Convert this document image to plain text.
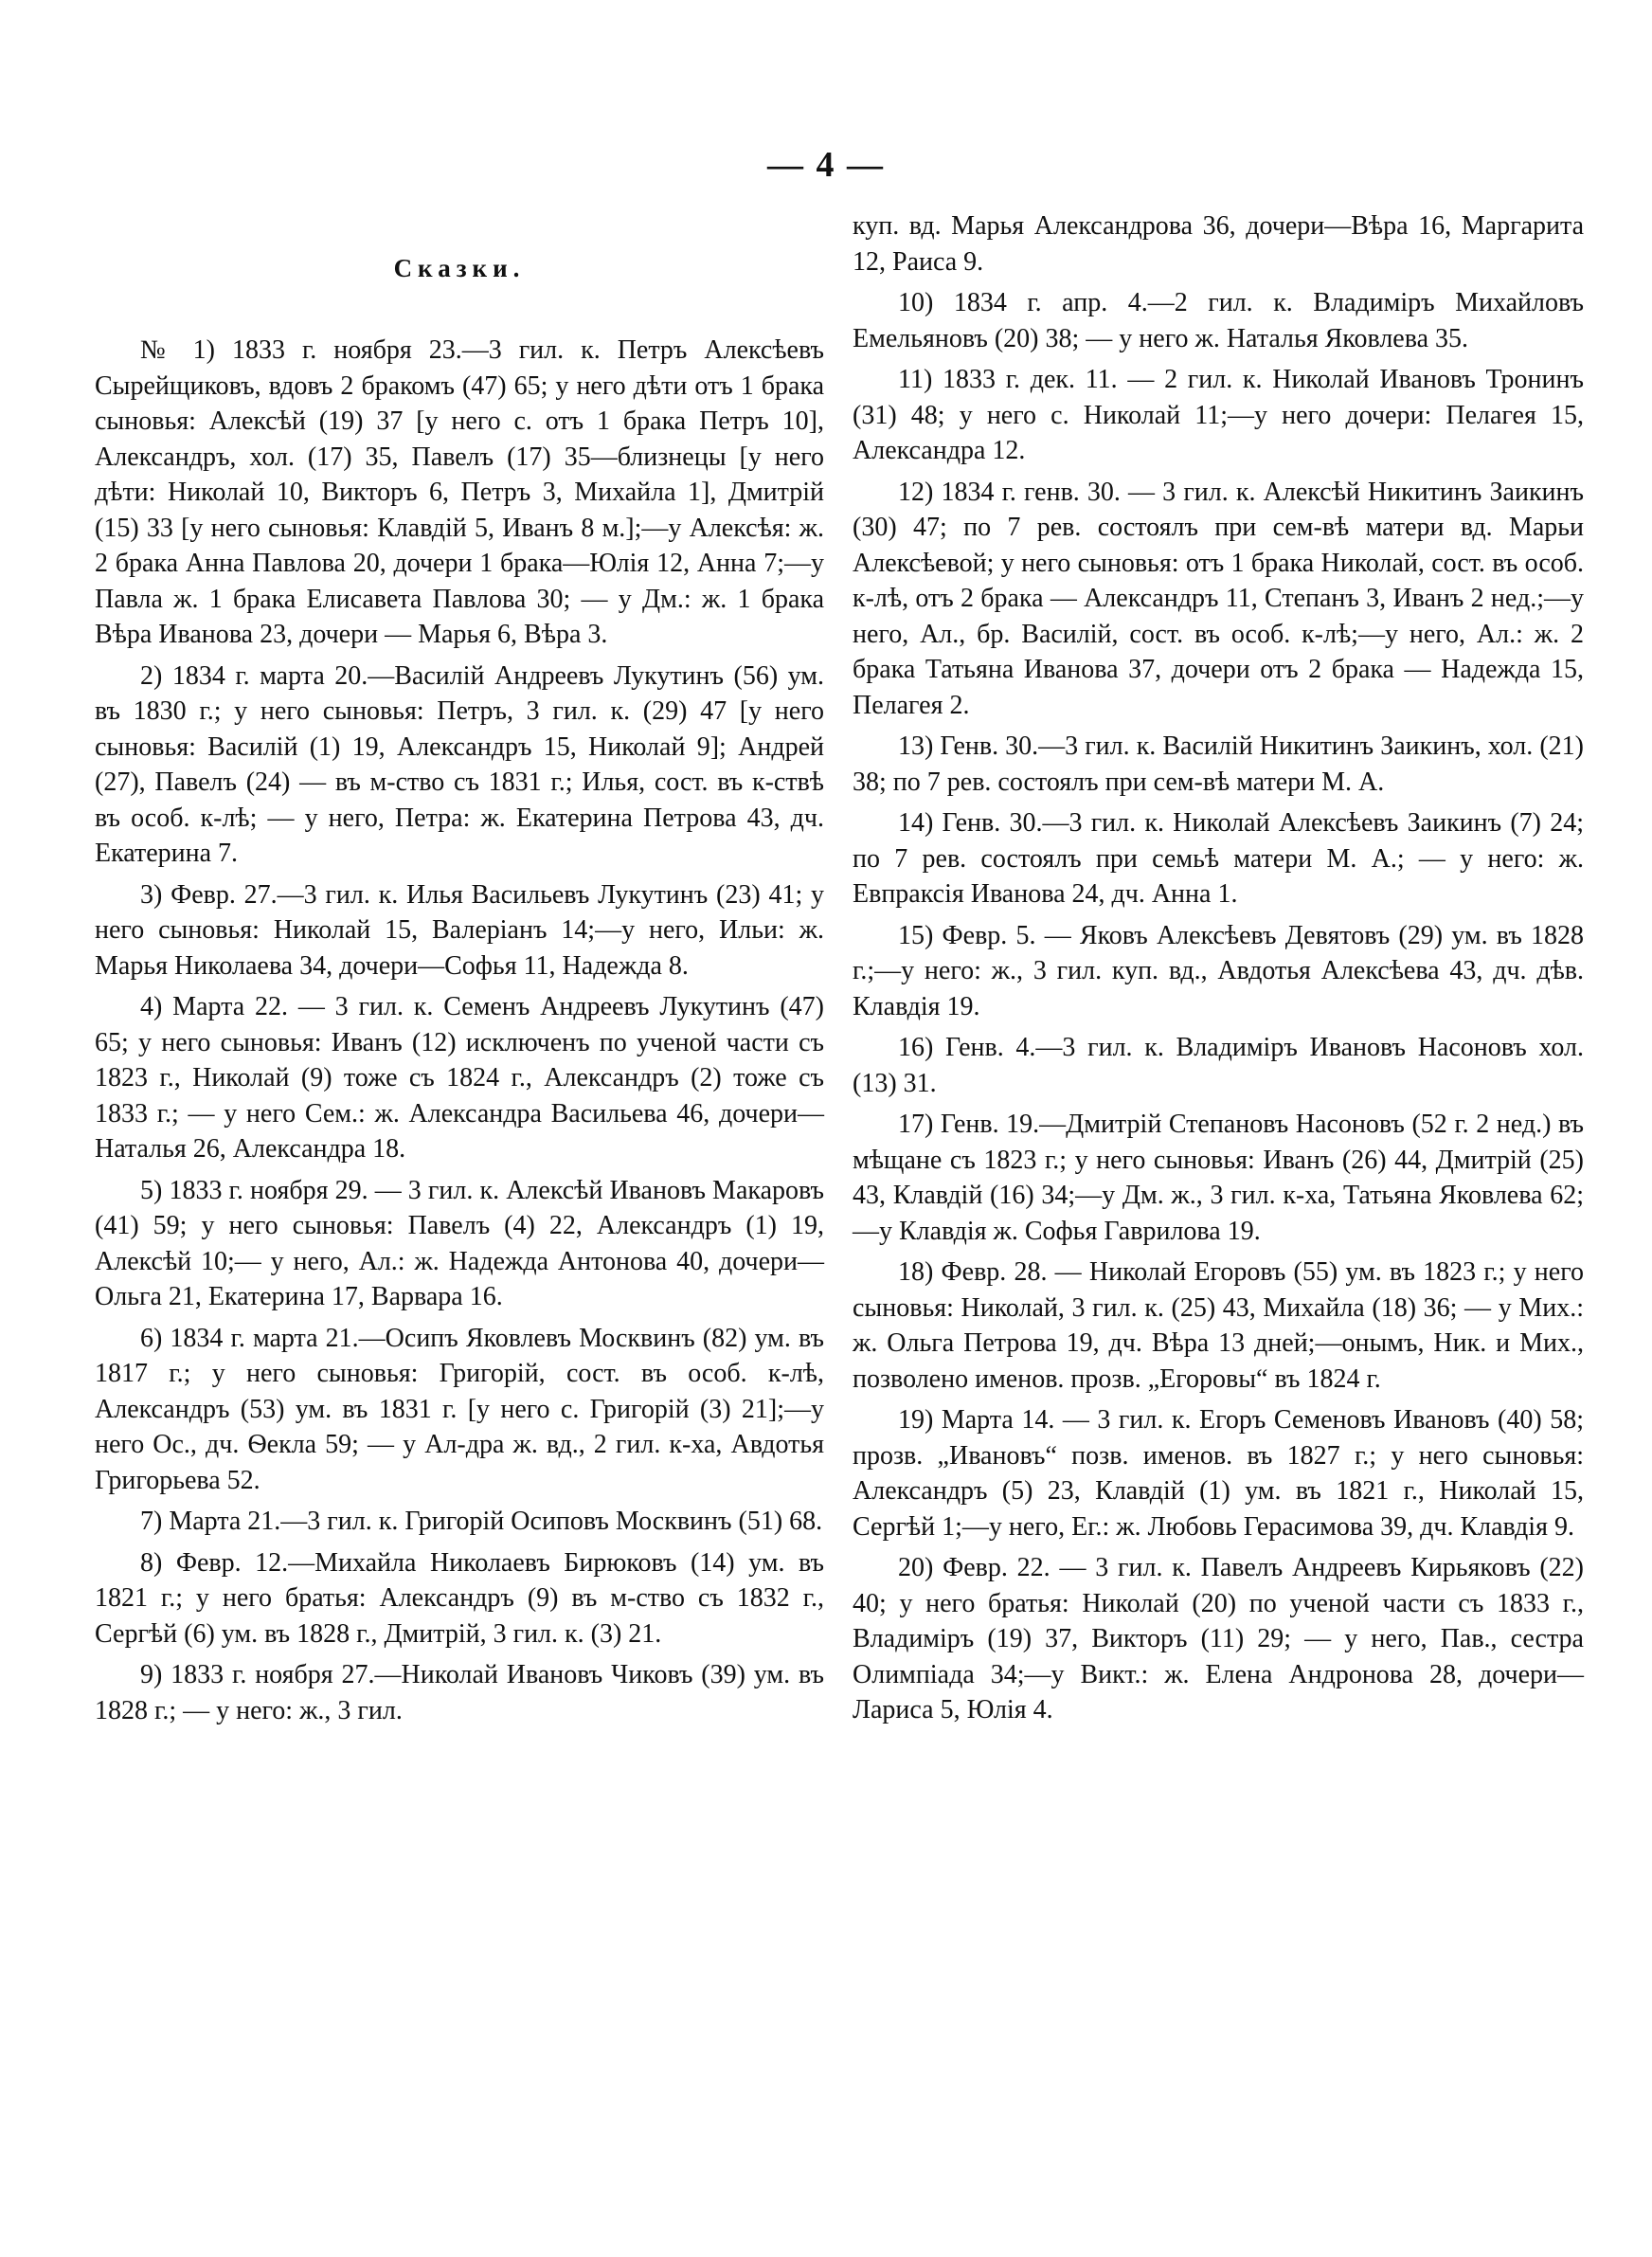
— 4 —
Сказки.

№ 1) 1833 г. ноября 23.—3 гил. к. Петръ Алексѣевъ Сырейщиковъ, вдовъ 2 бракомъ (47) 65; у него дѣти отъ 1 брака сыновья: Алексѣй (19) 37 [у него с. отъ 1 брака Петръ 10], Александръ, хол. (17) 35, Павелъ (17) 35—близнецы [у него дѣти: Николай 10, Викторъ 6, Петръ 3, Михайла 1], Дмитрій (15) 33 [у него сыновья: Клавдій 5, Иванъ 8 м.];—у Алексѣя: ж. 2 брака Анна Павлова 20, дочери 1 брака—Юлія 12, Анна 7;—у Павла ж. 1 брака Елисавета Павлова 30; — у Дм.: ж. 1 брака Вѣра Иванова 23, дочери — Марья 6, Вѣра 3.

2) 1834 г. марта 20.—Василій Андреевъ Лукутинъ (56) ум. въ 1830 г.; у него сыновья: Петръ, 3 гил. к. (29) 47 [у него сыновья: Василій (1) 19, Александръ 15, Николай 9]; Андрей (27), Павелъ (24) — въ м-ство съ 1831 г.; Илья, сост. въ к-ствѣ въ особ. к-лѣ; — у него, Петра: ж. Екатерина Петрова 43, дч. Екатерина 7.

3) Февр. 27.—3 гил. к. Илья Васильевъ Лукутинъ (23) 41; у него сыновья: Николай 15, Валеріанъ 14;—у него, Ильи: ж. Марья Николаева 34, дочери—Софья 11, Надежда 8.

4) Марта 22. — 3 гил. к. Семенъ Андреевъ Лукутинъ (47) 65; у него сыновья: Иванъ (12) исключенъ по ученой части съ 1823 г., Николай (9) тоже съ 1824 г., Александръ (2) тоже съ 1833 г.; — у него Сем.: ж. Александра Васильева 46, дочери—Наталья 26, Александра 18.

5) 1833 г. ноября 29. — 3 гил. к. Алексѣй Ивановъ Макаровъ (41) 59; у него сыновья: Павелъ (4) 22, Александръ (1) 19, Алексѣй 10;— у него, Ал.: ж. Надежда Антонова 40, дочери— Ольга 21, Екатерина 17, Варвара 16.

6) 1834 г. марта 21.—Осипъ Яковлевъ Москвинъ (82) ум. въ 1817 г.; у него сыновья: Григорій, сост. въ особ. к-лѣ, Александръ (53) ум. въ 1831 г. [у него с. Григорій (3) 21];—у него Ос., дч. Ѳекла 59; — у Ал-дра ж. вд., 2 гил. к-ха, Авдотья Григорьева 52.

7) Марта 21.—3 гил. к. Григорій Осиповъ Москвинъ (51) 68.

8) Февр. 12.—Михайла Николаевъ Бирюковъ (14) ум. въ 1821 г.; у него братья: Александръ (9) въ м-ство съ 1832 г., Сергѣй (6) ум. въ 1828 г., Дмитрій, 3 гил. к. (3) 21.

9) 1833 г. ноября 27.—Николай Ивановъ Чиковъ (39) ум. въ 1828 г.; — у него: ж., 3 гил.

куп. вд. Марья Александрова 36, дочери—Вѣра 16, Маргарита 12, Раиса 9.

10) 1834 г. апр. 4.—2 гил. к. Владиміръ Михайловъ Емельяновъ (20) 38; — у него ж. Наталья Яковлева 35.

11) 1833 г. дек. 11. — 2 гил. к. Николай Ивановъ Тронинъ (31) 48; у него с. Николай 11;—у него дочери: Пелагея 15, Александра 12.

12) 1834 г. генв. 30. — 3 гил. к. Алексѣй Никитинъ Заикинъ (30) 47; по 7 рев. состоялъ при сем-вѣ матери вд. Марьи Алексѣевой; у него сыновья: отъ 1 брака Николай, сост. въ особ. к-лѣ, отъ 2 брака — Александръ 11, Степанъ 3, Иванъ 2 нед.;—у него, Ал., бр. Василій, сост. въ особ. к-лѣ;—у него, Ал.: ж. 2 брака Татьяна Иванова 37, дочери отъ 2 брака — Надежда 15, Пелагея 2.

13) Генв. 30.—3 гил. к. Василій Никитинъ Заикинъ, хол. (21) 38; по 7 рев. состоялъ при сем-вѣ матери М. А.

14) Генв. 30.—3 гил. к. Николай Алексѣевъ Заикинъ (7) 24; по 7 рев. состоялъ при семьѣ матери М. А.; — у него: ж. Евпраксія Иванова 24, дч. Анна 1.

15) Февр. 5. — Яковъ Алексѣевъ Девятовъ (29) ум. въ 1828 г.;—у него: ж., 3 гил. куп. вд., Авдотья Алексѣева 43, дч. дѣв. Клавдія 19.

16) Генв. 4.—3 гил. к. Владиміръ Ивановъ Насоновъ хол. (13) 31.

17) Генв. 19.—Дмитрій Степановъ Насоновъ (52 г. 2 нед.) въ мѣщане съ 1823 г.; у него сыновья: Иванъ (26) 44, Дмитрій (25) 43, Клавдій (16) 34;—у Дм. ж., 3 гил. к-ха, Татьяна Яковлева 62;—у Клавдія ж. Софья Гаврилова 19.

18) Февр. 28. — Николай Егоровъ (55) ум. въ 1823 г.; у него сыновья: Николай, 3 гил. к. (25) 43, Михайла (18) 36; — у Мих.: ж. Ольга Петрова 19, дч. Вѣра 13 дней;—онымъ, Ник. и Мих., позволено именов. прозв. „Егоровы“ въ 1824 г.

19) Марта 14. — 3 гил. к. Егоръ Семеновъ Ивановъ (40) 58; прозв. „Ивановъ“ позв. именов. въ 1827 г.; у него сыновья: Александръ (5) 23, Клавдій (1) ум. въ 1821 г., Николай 15, Сергѣй 1;—у него, Ег.: ж. Любовь Герасимова 39, дч. Клавдія 9.

20) Февр. 22. — 3 гил. к. Павелъ Андреевъ Кирьяковъ (22) 40; у него братья: Николай (20) по ученой части съ 1833 г., Владиміръ (19) 37, Викторъ (11) 29; — у него, Пав., сестра Олимпіада 34;—у Викт.: ж. Елена Андронова 28, дочери—Лариса 5, Юлія 4.
